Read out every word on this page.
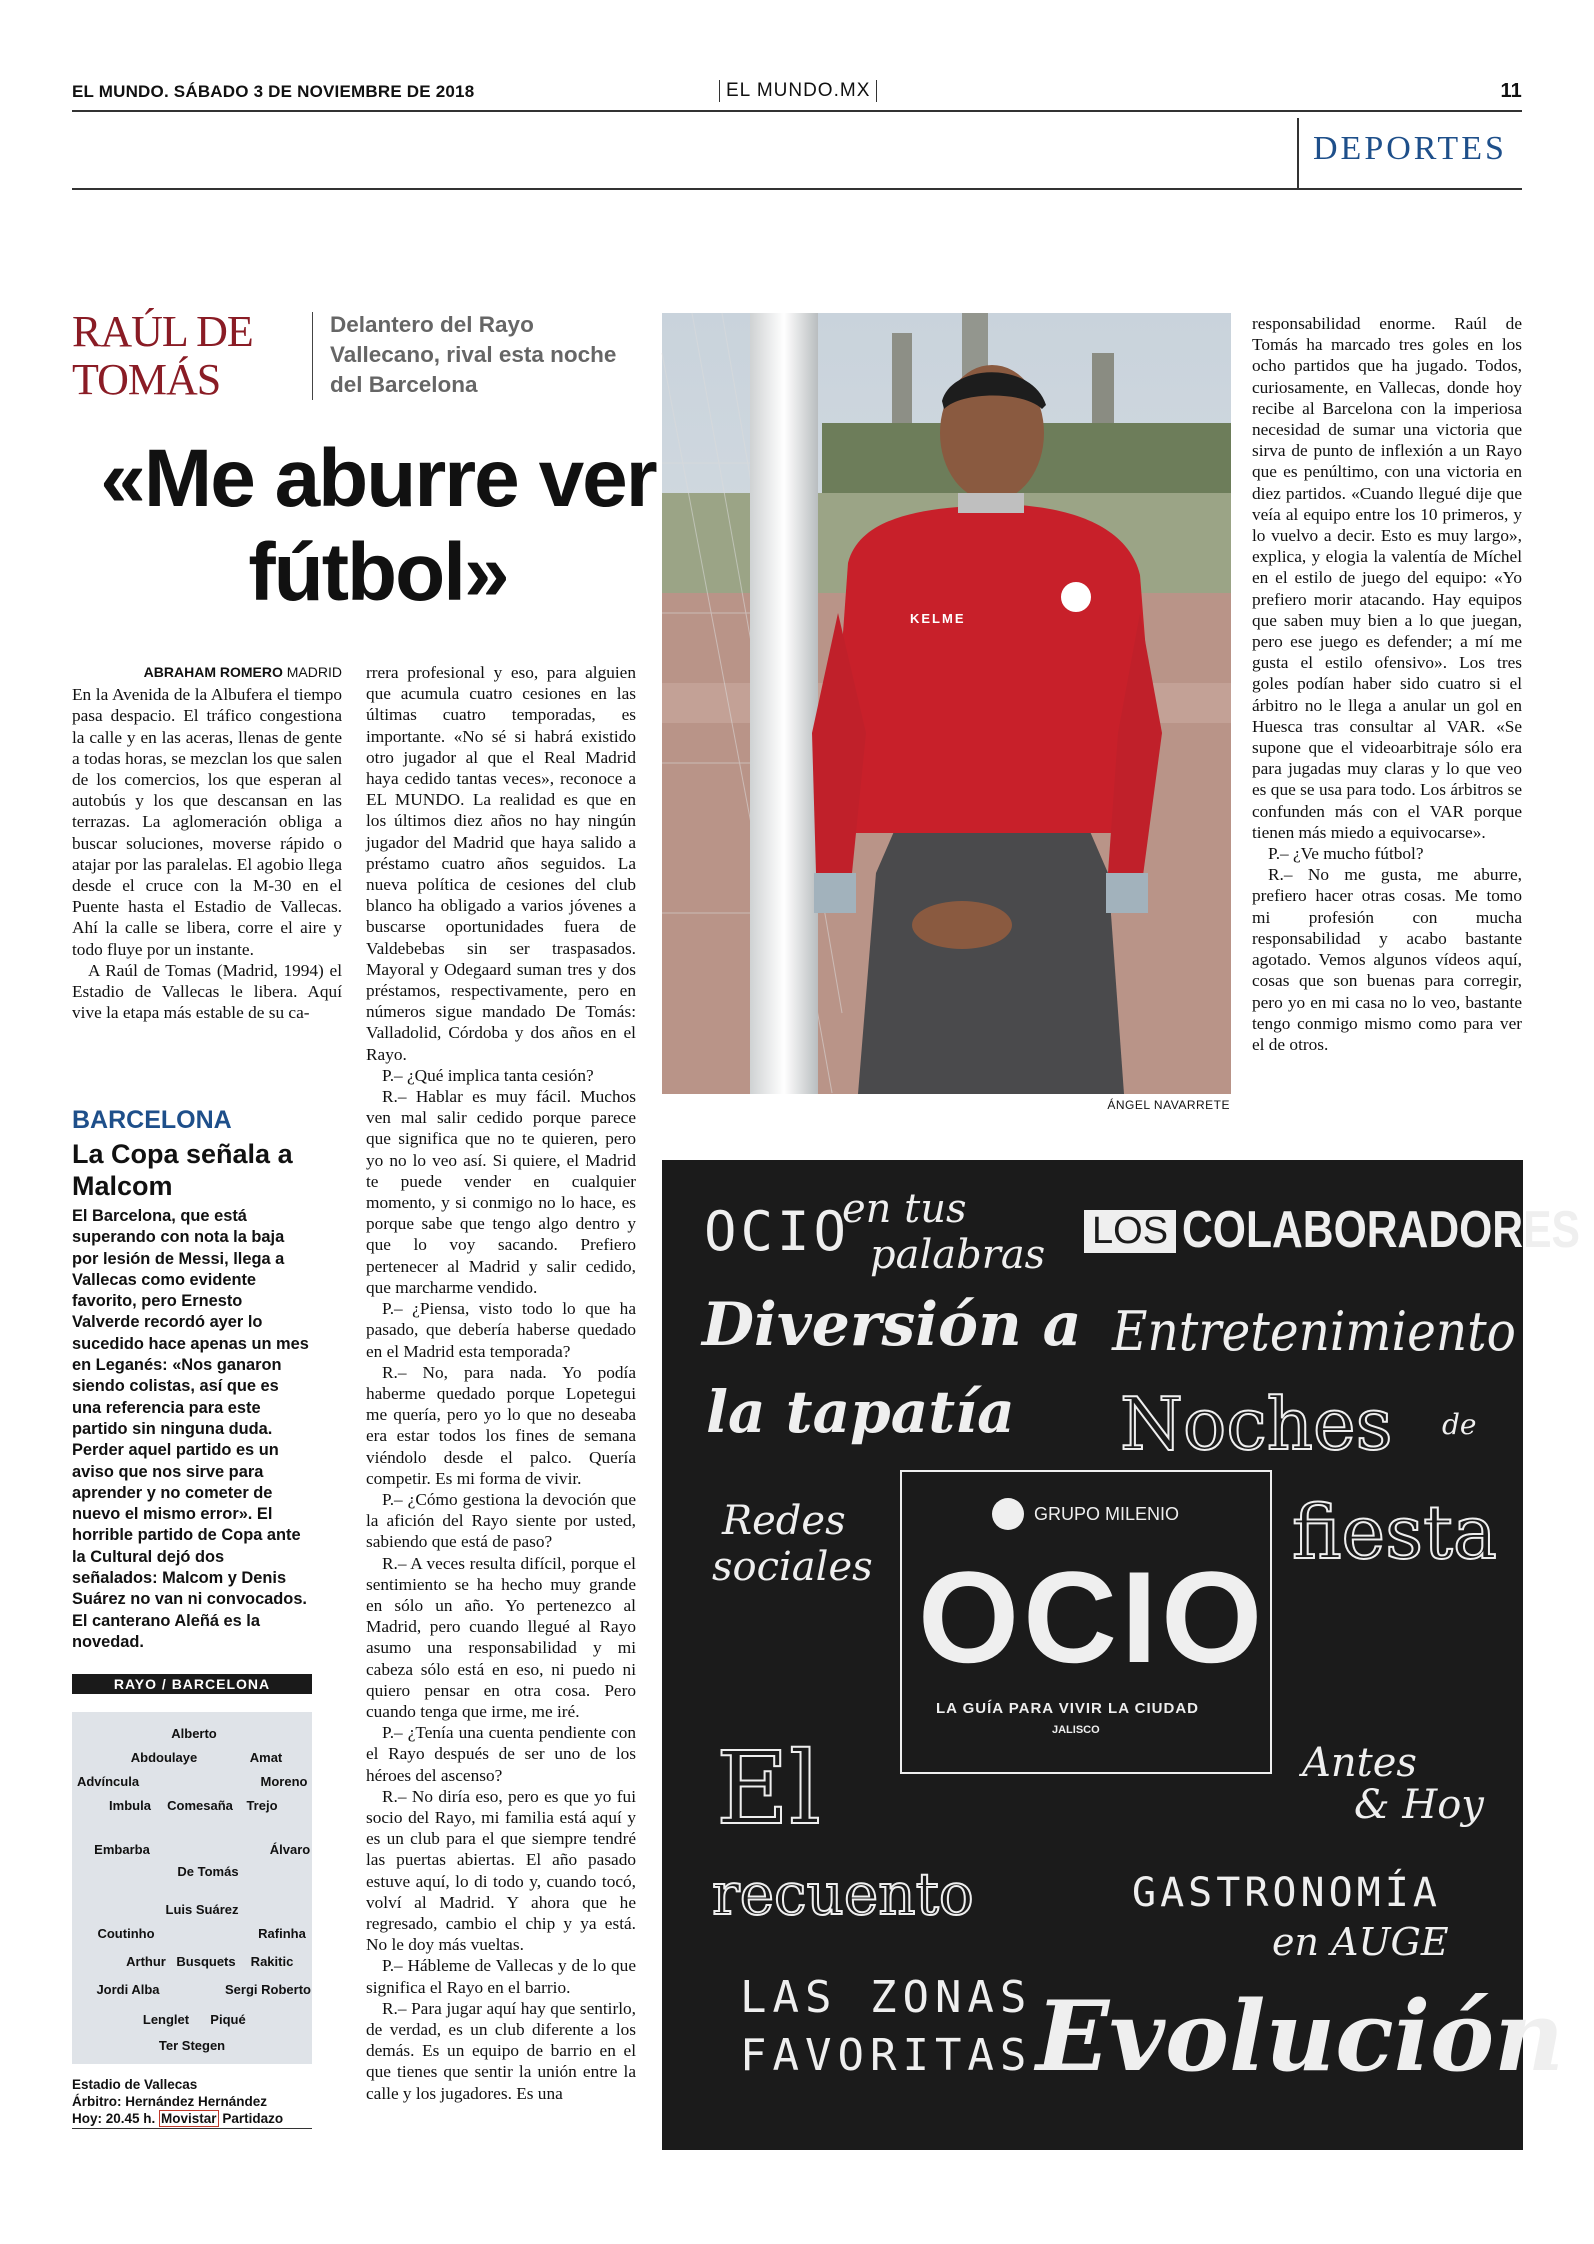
EL MUNDO. SÁBADO 3 DE NOVIEMBRE DE 2018	EL MUNDO.MX	11
DEPORTES
RAÚL DE TOMÁS
Delantero del Rayo Vallecano, rival esta noche del Barcelona
«Me aburre ver fútbol»
ABRAHAM ROMERO MADRID

En la Avenida de la Albufera el tiempo pasa despacio. El tráfico congestiona la calle y en las aceras, llenas de gente a todas horas, se mezclan los que salen de los comercios, los que esperan al autobús y los que descansan en las terrazas. La aglomeración obliga a buscar soluciones, moverse rápido o atajar por las paralelas. El agobio llega desde el cruce con la M-30 en el Puente hasta el Estadio de Vallecas. Ahí la calle se libera, corre el aire y todo fluye por un instante.

A Raúl de Tomas (Madrid, 1994) el Estadio de Vallecas le libera. Aquí vive la etapa más estable de su ca-

rrera profesional y eso, para alguien que acumula cuatro cesiones en las últimas cuatro temporadas, es importante. «No sé si habrá existido otro jugador al que el Real Madrid haya cedido tantas veces», reconoce a EL MUNDO. La realidad es que en los últimos diez años no hay ningún jugador del Madrid que haya salido a préstamo cuatro años seguidos. La nueva política de cesiones del club blanco ha obligado a varios jóvenes a buscarse oportunidades fuera de Valdebebas sin ser traspasados. Mayoral y Odegaard suman tres y dos préstamos, respectivamente, pero en números sigue mandado De Tomás: Valladolid, Córdoba y dos años en el Rayo.

P.– ¿Qué implica tanta cesión?

R.– Hablar es muy fácil. Muchos ven mal salir cedido porque parece que significa que no te quieren, pero yo no lo veo así. Si quiere, el Madrid te puede vender en cualquier momento, y si conmigo no lo hace, es porque sabe que tengo algo dentro y que lo voy sacando. Prefiero pertenecer al Madrid y salir cedido, que marcharme vendido.

P.– ¿Piensa, visto todo lo que ha pasado, que debería haberse quedado en el Madrid esta temporada?

R.– No, para nada. Yo podía haberme quedado porque Lopetegui me quería, pero yo lo que no deseaba era estar todos los fines de semana viéndolo desde el palco. Quería competir. Es mi forma de vivir.

P.– ¿Cómo gestiona la devoción que la afición del Rayo siente por usted, sabiendo que está de paso?

R.– A veces resulta difícil, porque el sentimiento se ha hecho muy grande en sólo un año. Yo pertenezco al Madrid, pero cuando llegué al Rayo asumo una responsabilidad y mi cabeza sólo está en eso, ni puedo ni quiero pensar en otra cosa. Pero cuando tenga que irme, me iré.

P.– ¿Tenía una cuenta pendiente con el Rayo después de ser uno de los héroes del ascenso?

R.– No diría eso, pero es que yo fui socio del Rayo, mi familia está aquí y es un club para el que siempre tendré las puertas abiertas. El año pasado estuve aquí, lo di todo y, cuando tocó, volví al Madrid. Y ahora que he regresado, cambio el chip y ya está. No le doy más vueltas.

P.– Hábleme de Vallecas y de lo que significa el Rayo en el barrio.

R.– Para jugar aquí hay que sentirlo, de verdad, es un club diferente a los demás. Es un equipo de barrio en el que tienes que sentir la unión entre la calle y los jugadores. Es una

responsabilidad enorme. Raúl de Tomás ha marcado tres goles en los ocho partidos que ha jugado. Todos, curiosamente, en Vallecas, donde hoy recibe al Barcelona con la imperiosa necesidad de sumar una victoria que sirva de punto de inflexión a un Rayo que es penúltimo, con una victoria en diez partidos. «Cuando llegué dije que veía al equipo entre los 10 primeros, y lo vuelvo a decir. Esto es muy largo», explica, y elogia la valentía de Míchel en el estilo de juego del equipo: «Yo prefiero morir atacando. Hay equipos que saben muy bien a lo que juegan, pero ese juego es defender; a mí me gusta el estilo ofensivo». Los tres goles podían haber sido cuatro si el árbitro no le llega a anular un gol en Huesca tras consultar al VAR. «Se supone que el videoarbitraje sólo era para jugadas muy claras y lo que veo es que se usa para todo. Los árbitros se confunden más con el VAR porque tienen más miedo a equivocarse».

P.– ¿Ve mucho fútbol?

R.– No me gusta, me aburre, prefiero hacer otras cosas. Me tomo mi profesión con mucha responsabilidad y acabo bastante agotado. Vemos algunos vídeos aquí, cosas que son buenas para corregir, pero yo en mi casa no lo veo, bastante tengo conmigo mismo como para ver el de otros.

KELME
ÁNGEL NAVARRETE
BARCELONA
La Copa señala a Malcom
El Barcelona, que está superando con nota la baja por lesión de Messi, llega a Vallecas como evidente favorito, pero Ernesto Valverde recordó ayer lo sucedido hace apenas un mes en Leganés: «Nos ganaron siendo colistas, así que es una referencia para este partido sin ninguna duda. Perder aquel partido es un aviso que nos sirve para aprender y no cometer de nuevo el mismo error». El horrible partido de Copa ante la Cultural dejó dos señalados: Malcom y Denis Suárez no van ni convocados. El canterano Aleñá es la novedad.
RAYO / BARCELONA
Alberto
Abdoulaye	Amat
Advíncula	Moreno
Imbula Comesaña Trejo
Embarba	Álvaro
De Tomás
Luis Suárez
Coutinho	Rafinha
Arthur Busquets Rakitic
Jordi Alba	Sergi Roberto
Lenglet Piqué
Ter Stegen
Estadio de Vallecas
Árbitro: Hernández Hernández
Hoy: 20.45 h. Movistar Partidazo
OCIO
en tus
palabras
LOS COLABORADORES
Diversión a
la tapatía
Entretenimiento
Noches de
fiesta
Redes
sociales
GRUPO MILENIO
OCIO
LA GUÍA PARA VIVIR LA CIUDAD
JALISCO
El
recuento
Antes
& Hoy
GASTRONOMÍA
en AUGE
LAS ZONAS
FAVORITAS Evolución
